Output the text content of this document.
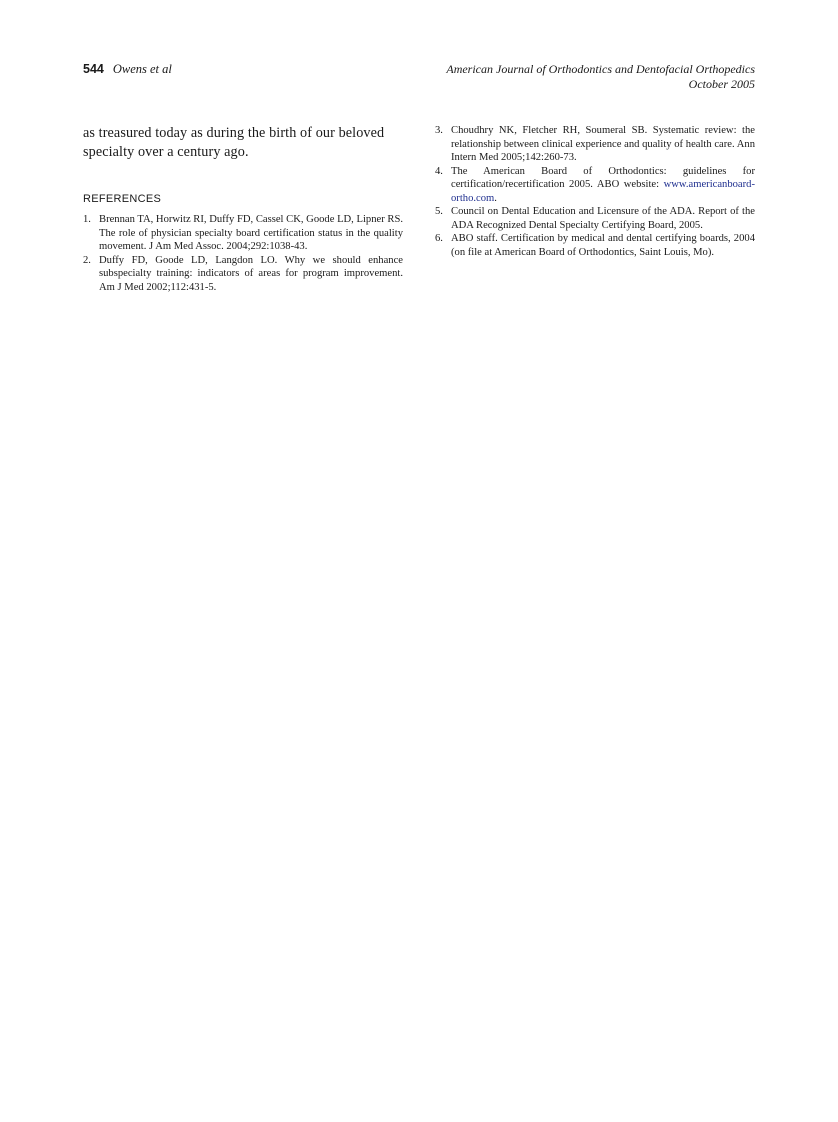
544 Owens et al	American Journal of Orthodontics and Dentofacial Orthopedics
October 2005

as treasured today as during the birth of our beloved specialty over a century ago.

REFERENCES
1. Brennan TA, Horwitz RI, Duffy FD, Cassel CK, Goode LD, Lipner RS. The role of physician specialty board certification status in the quality movement. J Am Med Assoc. 2004;292:1038-43.
2. Duffy FD, Goode LD, Langdon LO. Why we should enhance subspecialty training: indicators of areas for program improvement. Am J Med 2002;112:431-5.
3. Choudhry NK, Fletcher RH, Soumeral SB. Systematic review: the relationship between clinical experience and quality of health care. Ann Intern Med 2005;142:260-73.
4. The American Board of Orthodontics: guidelines for certification/recertification 2005. ABO website: www.americanboard-ortho.com.
5. Council on Dental Education and Licensure of the ADA. Report of the ADA Recognized Dental Specialty Certifying Board, 2005.
6. ABO staff. Certification by medical and dental certifying boards, 2004 (on file at American Board of Orthodontics, Saint Louis, Mo).
